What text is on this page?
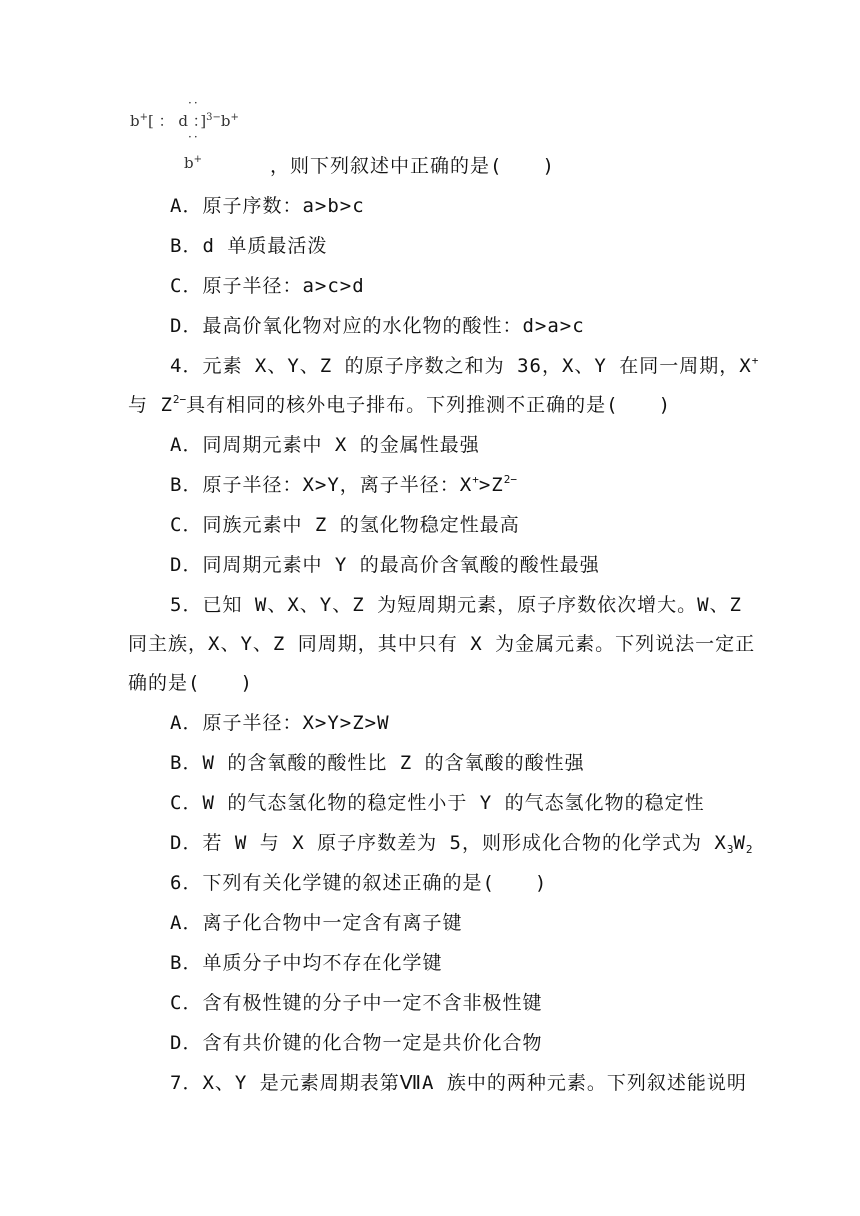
··
b+[ ： d ：]$^{3-}$b+
··
b+	，则下列叙述中正确的是(　　)
A．原子序数：a>b>c
B．d 单质最活泼
C．原子半径：a>c>d
D．最高价氧化物对应的水化物的酸性：d>a>c
4．元素 X、Y、Z 的原子序数之和为 36，X、Y 在同一周期，X+
与 $Z^{2-}$具有相同的核外电子排布。下列推测不正确的是(　　)
A．同周期元素中 X 的金属性最强
B．原子半径：X>Y，离子半径：$X^+>Z^{2-}$
C．同族元素中 Z 的氢化物稳定性最高
D．同周期元素中 Y 的最高价含氧酸的酸性最强
5．已知 W、X、Y、Z 为短周期元素，原子序数依次增大。W、Z
同主族，X、Y、Z 同周期，其中只有 X 为金属元素。下列说法一定正
确的是(　　)
A．原子半径：X>Y>Z>W
B．W 的含氧酸的酸性比 Z 的含氧酸的酸性强
C．W 的气态氢化物的稳定性小于 Y 的气态氢化物的稳定性
D．若 W 与 X 原子序数差为 5，则形成化合物的化学式为 $X_3W_2$
6．下列有关化学键的叙述正确的是(　　)
A．离子化合物中一定含有离子键
B．单质分子中均不存在化学键
C．含有极性键的分子中一定不含非极性键
D．含有共价键的化合物一定是共价化合物
7．X、Y 是元素周期表第ⅦA 族中的两种元素。下列叙述能说明
